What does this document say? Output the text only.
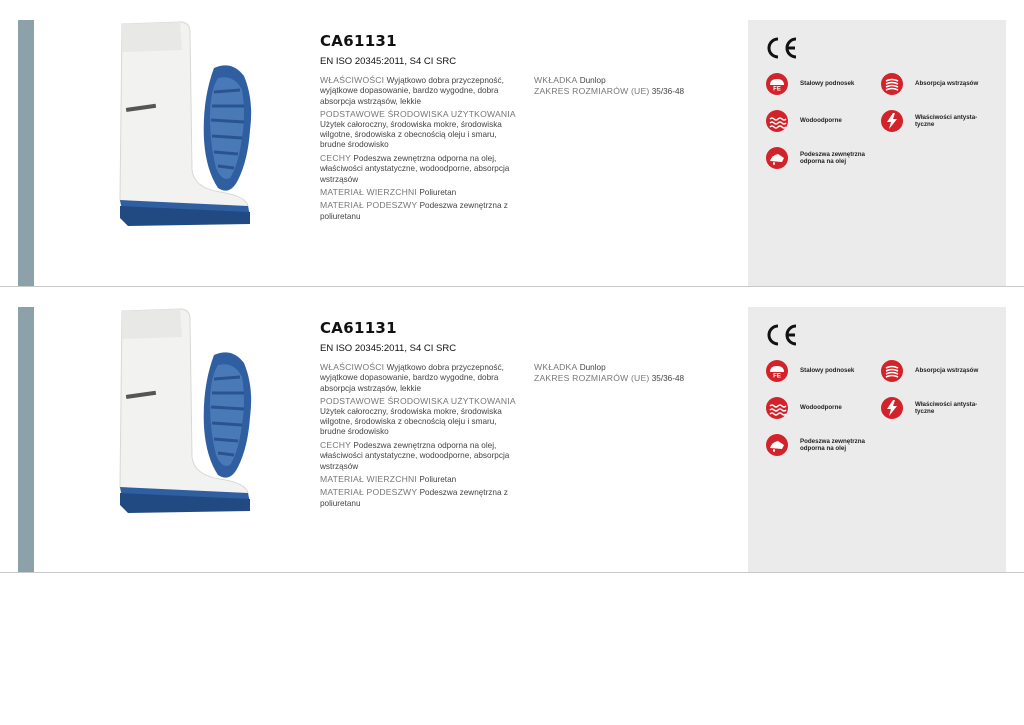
CA61131
EN ISO 20345:2011, S4 CI SRC
WŁAŚCIWOŚCI Wyjątkowo dobra przyczepność, wyjątkowe dopasowanie, bardzo wygodne, dobra absorpcja wstrząsów, lekkie
PODSTAWOWE ŚRODOWISKA UŻYTKOWANIA
Użytek całoroczny, środowiska mokre, środowiska wilgotne, środowiska z obecnością oleju i smaru, brudne środowisko
CECHY Podeszwa zewnętrzna odporna na olej, właściwości antystatyczne, wodoodporne, absorpcja wstrząsów
MATERIAŁ WIERZCHNI Poliuretan
MATERIAŁ PODESZWY Podeszwa zewnętrzna z poliuretanu
WKŁADKA Dunlop
ZAKRES ROZMIARÓW (UE) 35/36-48
CE
FE
Stalowy podnosek	Absorpcja wstrząsów
Wodoodporne
Właściwości antysta-
tyczne
Podeszwa zewnętrzna
odporna na olej
CA61131
EN ISO 20345:2011, S4 CI SRC
WŁAŚCIWOŚCI Wyjątkowo dobra przyczepność, wyjątkowe dopasowanie, bardzo wygodne, dobra absorpcja wstrząsów, lekkie
PODSTAWOWE ŚRODOWISKA UŻYTKOWANIA
Użytek całoroczny, środowiska mokre, środowiska wilgotne, środowiska z obecnością oleju i smaru, brudne środowisko
CECHY Podeszwa zewnętrzna odporna na olej, właściwości antystatyczne, wodoodporne, absorpcja wstrząsów
MATERIAŁ WIERZCHNI Poliuretan
MATERIAŁ PODESZWY Podeszwa zewnętrzna z poliuretanu
WKŁADKA Dunlop
ZAKRES ROZMIARÓW (UE) 35/36-48
CE
FE
Stalowy podnosek	Absorpcja wstrząsów
Wodoodporne
Właściwości antysta-
tyczne
Podeszwa zewnętrzna
odporna na olej
